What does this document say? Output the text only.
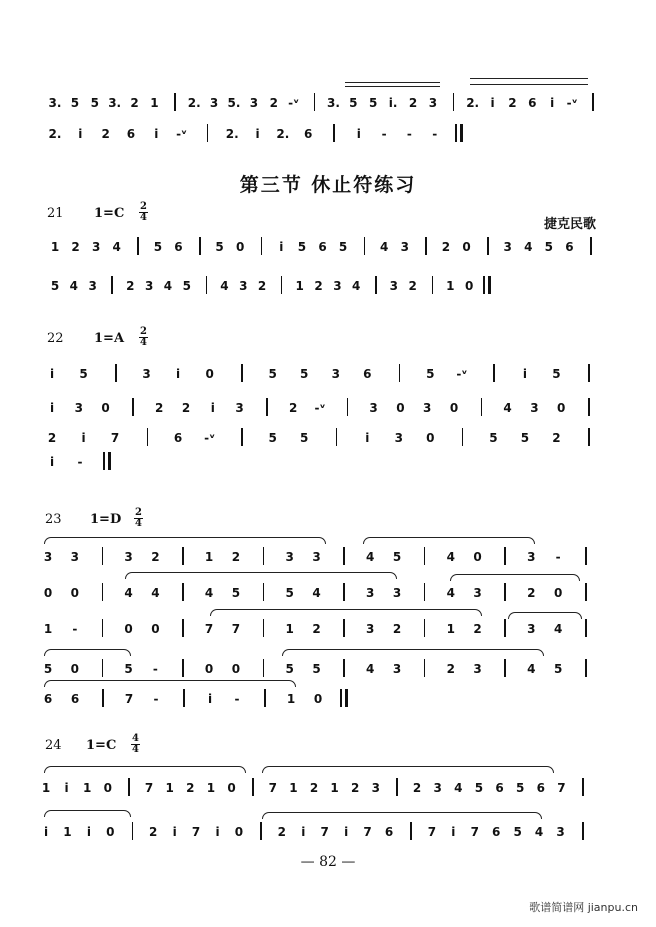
3. 5 5 3. 2 1 2. 3 5. 3 2 -ᵛ 3. 5 5 i. 2 3 2. i 2 6 i -ᵛ
2. i 2 6 i -ᵛ	2. i 2. 6	i - - -
第三节 休止符练习
21 1=C 2
4	捷克民歌
1 2 3 4	5 6	5 0	i 5 6 5	4 3	2 0	3 4 5 6
5 4 3 2 3 4 5 4 3 2 1 2 3 4 3 2 1 0
22 1=A 2
4
i 5	3 i 0	5 5 3 6	5 -ᵛ	i 5
i 3 0	2 2 i 3	2 -ᵛ	3 0 3 0	4 3 0
2 i 7	6 -ᵛ	5 5	i 3 0	5 5 2
i -
23 1=D 2
4
3 3	3 2	1 2	3 3	4 5	4 0	3 -
0 0	4 4	4 5	5 4	3 3	4 3	2 0
1 -	0 0	7 7	1 2	3 2	1 2	3 4
5 0	5 -	0 0	5 5	4 3	2 3	4 5
6 6	7 -	i -	1 0
24 1=C 4
4
1 i 1 0	7 1 2 1 0	7 1 2 1 2 3	2 3 4 5 6 5 6 7
i 1 i 0	2 i 7 i 0	2 i 7 i 7 6	7 i 7 6 5 4 3
— 82 —
歌谱简谱网 jianpu.cn
